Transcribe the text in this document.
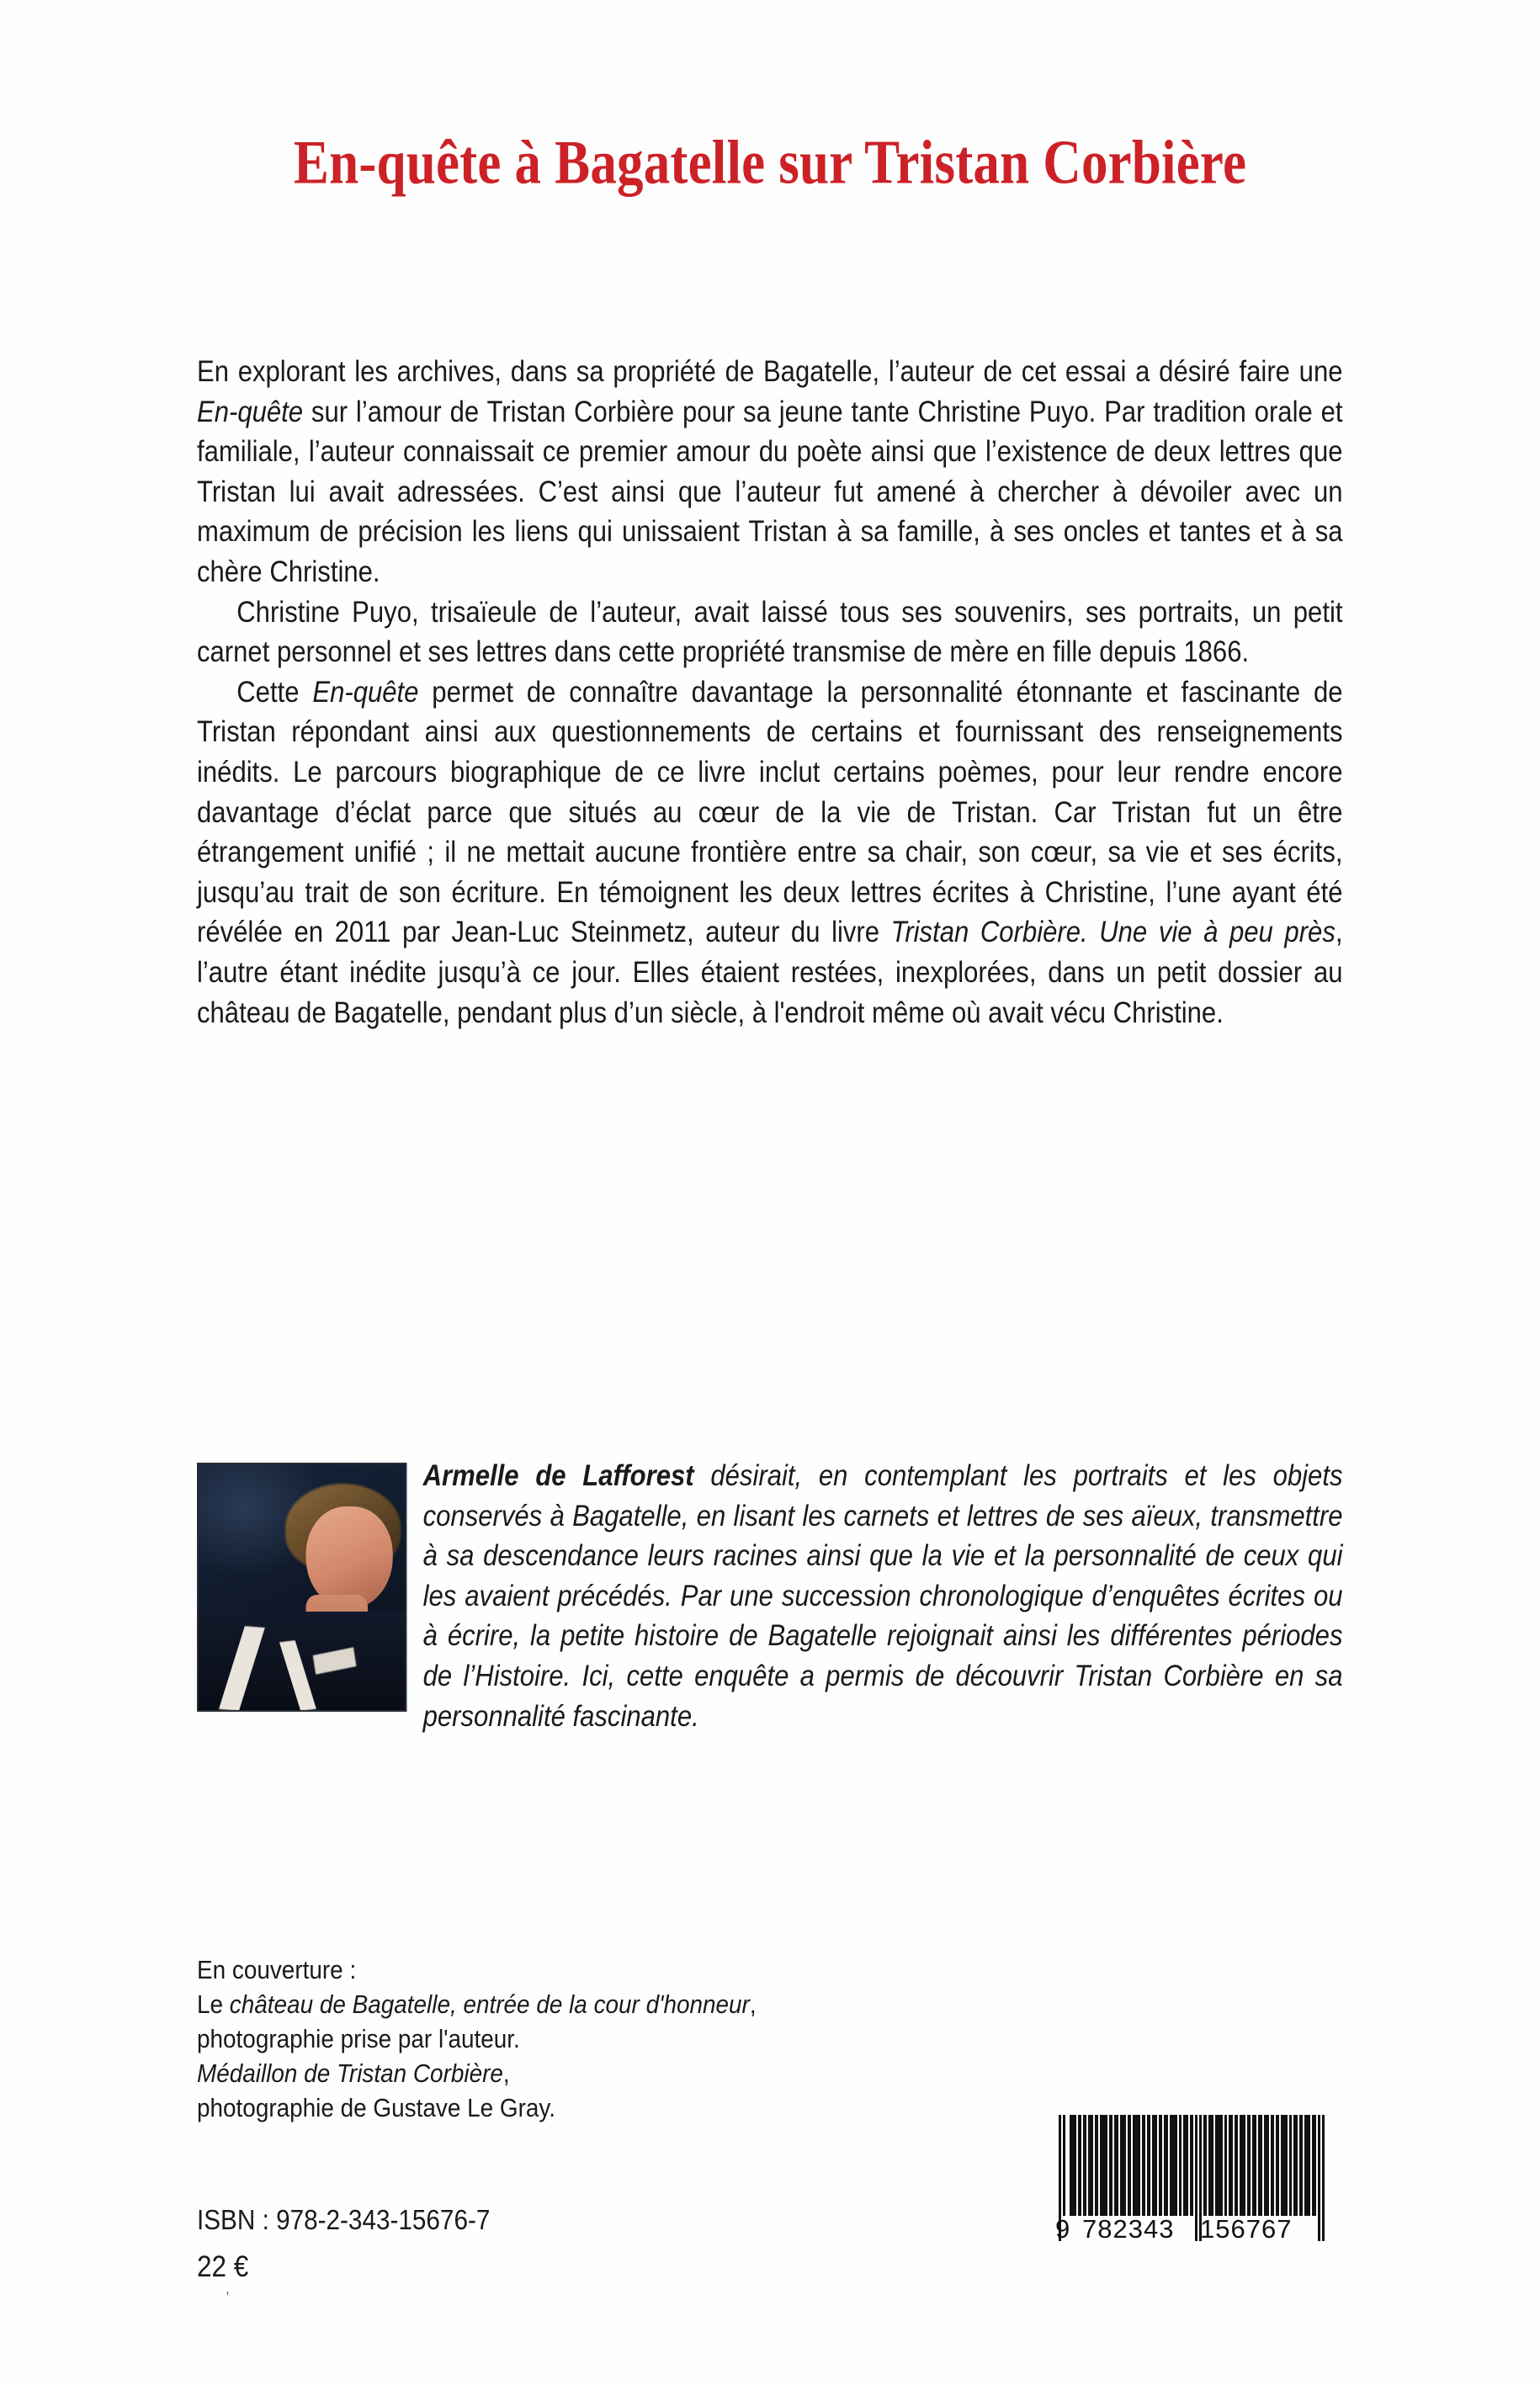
En-quête à Bagatelle sur Tristan Corbière

En explorant les archives, dans sa propriété de Bagatelle, l’auteur de cet essai a désiré faire une En-quête sur l’amour de Tristan Corbière pour sa jeune tante Christine Puyo. Par tradition orale et familiale, l’auteur connaissait ce premier amour du poète ainsi que l’existence de deux lettres que Tristan lui avait adressées. C’est ainsi que l’auteur fut amené à chercher à dévoiler avec un maximum de précision les liens qui unissaient Tristan à sa famille, à ses oncles et tantes et à sa chère Christine.

Christine Puyo, trisaïeule de l’auteur, avait laissé tous ses souvenirs, ses portraits, un petit carnet personnel et ses lettres dans cette propriété transmise de mère en fille depuis 1866.

Cette En-quête permet de connaître davantage la personnalité étonnante et fascinante de Tristan répondant ainsi aux questionnements de certains et fournissant des renseignements inédits. Le parcours biographique de ce livre inclut certains poèmes, pour leur rendre encore davantage d’éclat parce que situés au cœur de la vie de Tristan. Car Tristan fut un être étrangement unifié ; il ne mettait aucune frontière entre sa chair, son cœur, sa vie et ses écrits, jusqu’au trait de son écriture. En témoignent les deux lettres écrites à Christine, l’une ayant été révélée en 2011 par Jean-Luc Steinmetz, auteur du livre Tristan Corbière. Une vie à peu près, l’autre étant inédite jusqu’à ce jour. Elles étaient restées, inexplorées, dans un petit dossier au château de Bagatelle, pendant plus d’un siècle, à l'endroit même où avait vécu Christine.

Armelle de Lafforest désirait, en contemplant les portraits et les objets conservés à Bagatelle, en lisant les carnets et lettres de ses aïeux, transmettre à sa descendance leurs racines ainsi que la vie et la personnalité de ceux qui les avaient précédés. Par une succession chronologique d’enquêtes écrites ou à écrire, la petite histoire de Bagatelle rejoignait ainsi les différentes périodes de l’Histoire. Ici, cette enquête a permis de découvrir Tristan Corbière en sa personnalité fascinante.
En couverture :
Le château de Bagatelle, entrée de la cour d'honneur,
photographie prise par l'auteur.
Médaillon de Tristan Corbière,
photographie de Gustave Le Gray.
ISBN : 978-2-343-15676-7
22 €
,
9 782343 156767
